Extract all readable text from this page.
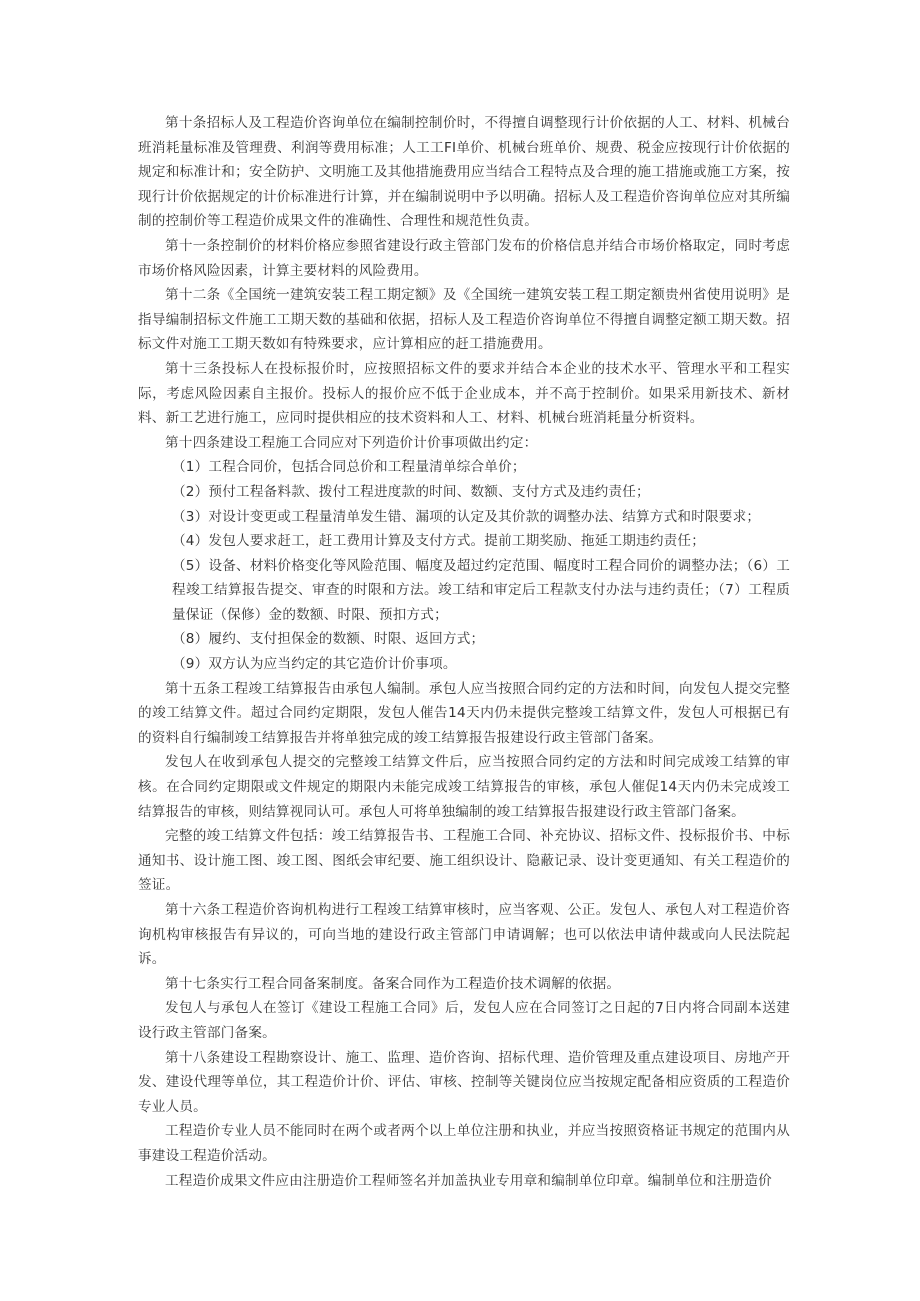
第十条招标人及工程造价咨询单位在编制控制价时，不得擅自调整现行计价依据的人工、材料、机械台班消耗量标准及管理费、利润等费用标准；人工工FI单价、机械台班单价、规费、税金应按现行计价依据的规定和标准计和；安全防护、文明施工及其他措施费用应当结合工程特点及合理的施工措施或施工方案，按现行计价依据规定的计价标准进行计算，并在编制说明中予以明确。招标人及工程造价咨询单位应对其所编制的控制价等工程造价成果文件的准确性、合理性和规范性负责。

第十一条控制价的材料价格应参照省建设行政主管部门发布的价格信息并结合市场价格取定，同时考虑市场价格风险因素，计算主要材料的风险费用。

第十二条《全国统一建筑安装工程工期定额》及《全国统一建筑安装工程工期定额贵州省使用说明》是指导编制招标文件施工工期天数的基础和依据，招标人及工程造价咨询单位不得擅自调整定额工期天数。招标文件对施工工期天数如有特殊要求，应计算相应的赶工措施费用。

第十三条投标人在投标报价时，应按照招标文件的要求并结合本企业的技术水平、管理水平和工程实际，考虑风险因素自主报价。投标人的报价应不低于企业成本，并不高于控制价。如果采用新技术、新材料、新工艺进行施工，应同时提供相应的技术资料和人工、材料、机械台班消耗量分析资料。

第十四条建设工程施工合同应对下列造价计价事项做出约定：

（1）工程合同价，包括合同总价和工程量清单综合单价；

（2）预付工程备料款、拨付工程进度款的时间、数额、支付方式及违约责任；

（3）对设计变更或工程量清单发生错、漏项的认定及其价款的调整办法、结算方式和时限要求；

（4）发包人要求赶工，赶工费用计算及支付方式。提前工期奖励、拖延工期违约责任；

（5）设备、材料价格变化等风险范围、幅度及超过约定范围、幅度时工程合同价的调整办法；（6）工程竣工结算报告提交、审查的时限和方法。竣工结和审定后工程款支付办法与违约责任；（7）工程质量保证（保修）金的数额、时限、预扣方式；

（8）履约、支付担保金的数额、时限、返回方式；

（9）双方认为应当约定的其它造价计价事项。

第十五条工程竣工结算报告由承包人编制。承包人应当按照合同约定的方法和时间，向发包人提交完整的竣工结算文件。超过合同约定期限，发包人催告14天内仍未提供完整竣工结算文件，发包人可根据已有的资料自行编制竣工结算报告并将单独完成的竣工结算报告报建设行政主管部门备案。

发包人在收到承包人提交的完整竣工结算文件后，应当按照合同约定的方法和时间完成竣工结算的审核。在合同约定期限或文件规定的期限内未能完成竣工结算报告的审核，承包人催促14天内仍未完成竣工结算报告的审核，则结算视同认可。承包人可将单独编制的竣工结算报告报建设行政主管部门备案。

完整的竣工结算文件包括：竣工结算报告书、工程施工合同、补充协议、招标文件、投标报价书、中标通知书、设计施工图、竣工图、图纸会审纪要、施工组织设计、隐蔽记录、设计变更通知、有关工程造价的签证。

第十六条工程造价咨询机构进行工程竣工结算审核时，应当客观、公正。发包人、承包人对工程造价咨询机构审核报告有异议的，可向当地的建设行政主管部门申请调解；也可以依法申请仲裁或向人民法院起诉。

第十七条实行工程合同备案制度。备案合同作为工程造价技术调解的依据。

发包人与承包人在签订《建设工程施工合同》后，发包人应在合同签订之日起的7日内将合同副本送建设行政主管部门备案。

第十八条建设工程勘察设计、施工、监理、造价咨询、招标代理、造价管理及重点建设项目、房地产开发、建设代理等单位，其工程造价计价、评估、审核、控制等关键岗位应当按规定配备相应资质的工程造价专业人员。

工程造价专业人员不能同时在两个或者两个以上单位注册和执业，并应当按照资格证书规定的范围内从事建设工程造价活动。

工程造价成果文件应由注册造价工程师签名并加盖执业专用章和编制单位印章。编制单位和注册造价
